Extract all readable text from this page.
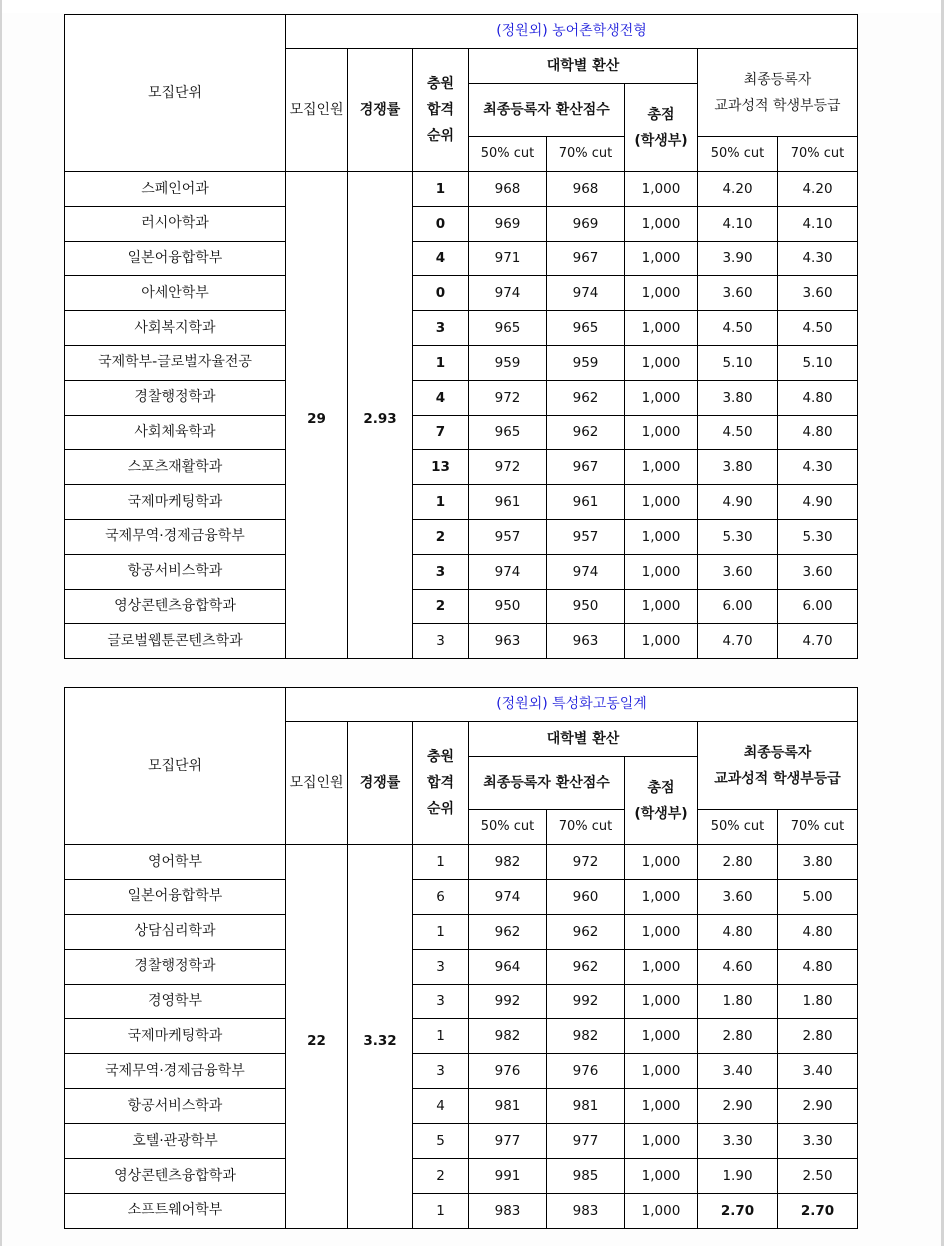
모집단위	(정원외) 농어촌학생전형							
	모집인원	경쟁률	충원
합격
순위	대학별 환산			최종등록자
교과성적 학생부등급	

				최종등록자 환산점수		총점
(학생부)		

				50% cut	70% cut		50% cut	70% cut
스페인어과	29	2.93	1	968	968	1,000	4.20	4.20
러시아학과			0	969	969	1,000	4.10	4.10
일본어융합학부			4	971	967	1,000	3.90	4.30
아세안학부			0	974	974	1,000	3.60	3.60
사회복지학과			3	965	965	1,000	4.50	4.50
국제학부-글로벌자율전공			1	959	959	1,000	5.10	5.10
경찰행정학과			4	972	962	1,000	3.80	4.80
사회체육학과			7	965	962	1,000	4.50	4.80
스포츠재활학과			13	972	967	1,000	3.80	4.30
국제마케팅학과			1	961	961	1,000	4.90	4.90
국제무역·경제금융학부			2	957	957	1,000	5.30	5.30
항공서비스학과			3	974	974	1,000	3.60	3.60
영상콘텐츠융합학과			2	950	950	1,000	6.00	6.00
글로벌웹툰콘텐츠학과			3	963	963	1,000	4.70	4.70
모집단위	(정원외) 특성화고동일계							
	모집인원	경쟁률	충원
합격
순위	대학별 환산			최종등록자
교과성적 학생부등급	

				최종등록자 환산점수		총점
(학생부)		

				50% cut	70% cut		50% cut	70% cut
영어학부	22	3.32	1	982	972	1,000	2.80	3.80
일본어융합학부			6	974	960	1,000	3.60	5.00
상담심리학과			1	962	962	1,000	4.80	4.80
경찰행정학과			3	964	962	1,000	4.60	4.80
경영학부			3	992	992	1,000	1.80	1.80
국제마케팅학과			1	982	982	1,000	2.80	2.80
국제무역·경제금융학부			3	976	976	1,000	3.40	3.40
항공서비스학과			4	981	981	1,000	2.90	2.90
호텔·관광학부			5	977	977	1,000	3.30	3.30
영상콘텐츠융합학과			2	991	985	1,000	1.90	2.50
소프트웨어학부			1	983	983	1,000	2.70	2.70
